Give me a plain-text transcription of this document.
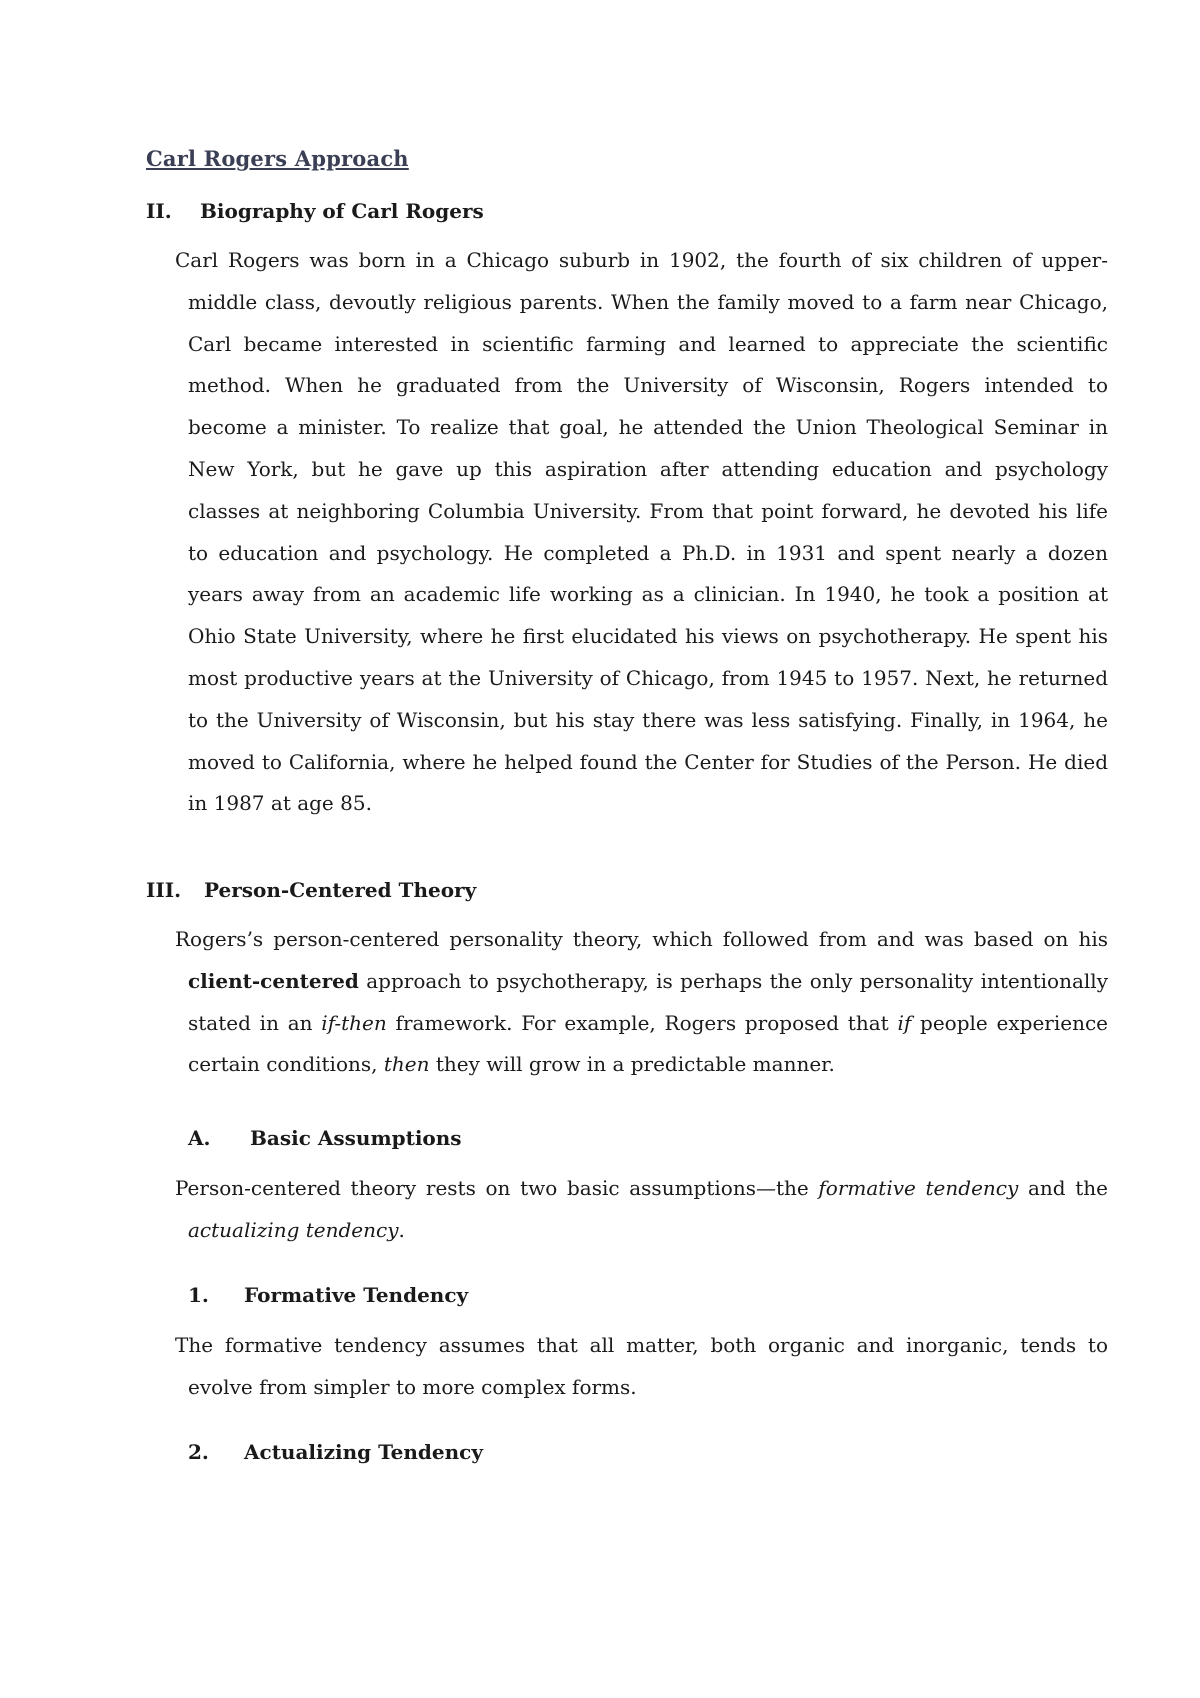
Carl Rogers Approach
II. Biography of Carl Rogers

Carl Rogers was born in a Chicago suburb in 1902, the fourth of six children of upper-middle class, devoutly religious parents. When the family moved to a farm near Chicago, Carl became interested in scientific farming and learned to appreciate the scientific method. When he graduated from the University of Wisconsin, Rogers intended to become a minister. To realize that goal, he attended the Union Theological Seminar in New York, but he gave up this aspiration after attending education and psychology classes at neighboring Columbia University. From that point forward, he devoted his life to education and psychology. He completed a Ph.D. in 1931 and spent nearly a dozen years away from an academic life working as a clinician. In 1940, he took a position at Ohio State University, where he first elucidated his views on psychotherapy. He spent his most productive years at the University of Chicago, from 1945 to 1957. Next, he returned to the University of Wisconsin, but his stay there was less satisfying. Finally, in 1964, he moved to California, where he helped found the Center for Studies of the Person. He died in 1987 at age 85.

III. Person-Centered Theory

Rogers’s person-centered personality theory, which followed from and was based on his client-centered approach to psychotherapy, is perhaps the only personality intentionally stated in an if-then framework. For example, Rogers proposed that if people experience certain conditions, then they will grow in a predictable manner.

A. Basic Assumptions

Person-centered theory rests on two basic assumptions—the formative tendency and the actualizing tendency.

1. Formative Tendency

The formative tendency assumes that all matter, both organic and inorganic, tends to evolve from simpler to more complex forms.

2. Actualizing Tendency
